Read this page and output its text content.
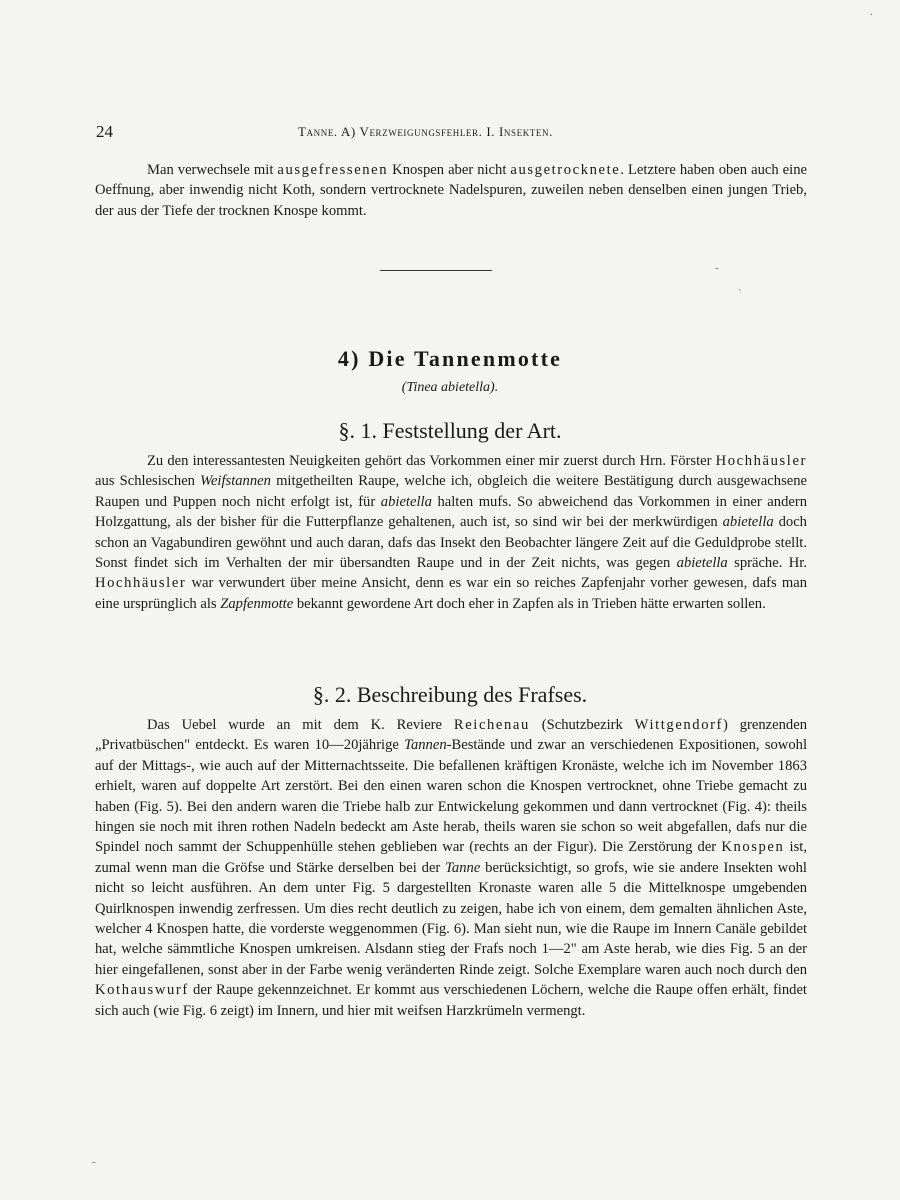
24	Tanne. A) Verzweigungsfehler. I. Insekten.

Man verwechsele mit ausgefressenen Knospen aber nicht ausgetrocknete. Letztere haben oben auch eine Oeffnung, aber inwendig nicht Koth, sondern vertrocknete Nadelspuren, zuweilen neben denselben einen jungen Trieb, der aus der Tiefe der trocknen Knospe kommt.

4) Die Tannenmotte
(Tinea abietella).
§. 1. Feststellung der Art.

Zu den interessantesten Neuigkeiten gehört das Vorkommen einer mir zuerst durch Hrn. Förster Hochhäusler aus Schlesischen Weifstannen mitgetheilten Raupe, welche ich, obgleich die weitere Bestätigung durch ausgewachsene Raupen und Puppen noch nicht erfolgt ist, für abietella halten mufs. So abweichend das Vorkommen in einer andern Holzgattung, als der bisher für die Futterpflanze gehaltenen, auch ist, so sind wir bei der merkwürdigen abietella doch schon an Vagabundiren gewöhnt und auch daran, dafs das Insekt den Beobachter längere Zeit auf die Geduldprobe stellt. Sonst findet sich im Verhalten der mir übersandten Raupe und in der Zeit nichts, was gegen abietella spräche. Hr. Hochhäusler war verwundert über meine Ansicht, denn es war ein so reiches Zapfenjahr vorher gewesen, dafs man eine ursprünglich als Zapfenmotte bekannt gewordene Art doch eher in Zapfen als in Trieben hätte erwarten sollen.

§. 2. Beschreibung des Frafses.

Das Uebel wurde an mit dem K. Reviere Reichenau (Schutzbezirk Wittgendorf) grenzenden „Privatbüschen" entdeckt. Es waren 10—20jährige Tannen-Bestände und zwar an verschiedenen Expositionen, sowohl auf der Mittags-, wie auch auf der Mitternachtsseite. Die befallenen kräftigen Kronäste, welche ich im November 1863 erhielt, waren auf doppelte Art zerstört. Bei den einen waren schon die Knospen vertrocknet, ohne Triebe gemacht zu haben (Fig. 5). Bei den andern waren die Triebe halb zur Entwickelung gekommen und dann vertrocknet (Fig. 4): theils hingen sie noch mit ihren rothen Nadeln bedeckt am Aste herab, theils waren sie schon so weit abgefallen, dafs nur die Spindel noch sammt der Schuppenhülle stehen geblieben war (rechts an der Figur). Die Zerstörung der Knospen ist, zumal wenn man die Gröfse und Stärke derselben bei der Tanne berücksichtigt, so grofs, wie sie andere Insekten wohl nicht so leicht ausführen. An dem unter Fig. 5 dargestellten Kronaste waren alle 5 die Mittelknospe umgebenden Quirlknospen inwendig zerfressen. Um dies recht deutlich zu zeigen, habe ich von einem, dem gemalten ähnlichen Aste, welcher 4 Knospen hatte, die vorderste weggenommen (Fig. 6). Man sieht nun, wie die Raupe im Innern Canäle gebildet hat, welche sämmtliche Knospen umkreisen. Alsdann stieg der Frafs noch 1—2" am Aste herab, wie dies Fig. 5 an der hier eingefallenen, sonst aber in der Farbe wenig veränderten Rinde zeigt. Solche Exemplare waren auch noch durch den Kothauswurf der Raupe gekennzeichnet. Er kommt aus verschiedenen Löchern, welche die Raupe offen erhält, findet sich auch (wie Fig. 6 zeigt) im Innern, und hier mit weifsen Harzkrümeln vermengt.

.
-
`
-
